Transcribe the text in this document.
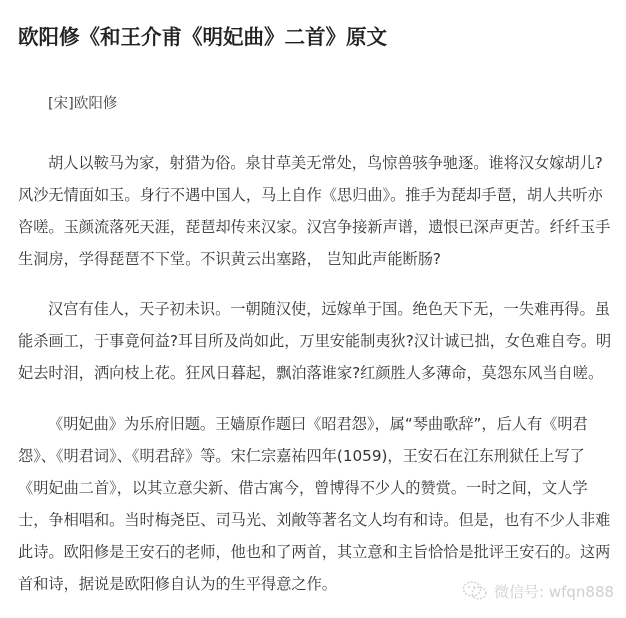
欧阳修《和王介甫《明妃曲》二首》原文
[宋]欧阳修
胡人以鞍马为家，射猎为俗。泉甘草美无常处，鸟惊兽骇争驰逐。谁将汉女嫁胡儿?
风沙无情面如玉。身行不遇中国人，马上自作《思归曲》。推手为琵却手琶，胡人共听亦
咨嗟。玉颜流落死天涯，琵琶却传来汉家。汉宫争接新声谱，遗恨已深声更苦。纤纤玉手
生洞房，学得琵琶不下堂。不识黄云出塞路， 岂知此声能断肠?
汉宫有佳人，天子初未识。一朝随汉使，远嫁单于国。绝色天下无，一失难再得。虽
能杀画工，于事竟何益?耳目所及尚如此，万里安能制夷狄?汉计诚已拙，女色难自夸。明
妃去时泪，洒向枝上花。狂风日暮起，飘泊落谁家?红颜胜人多薄命，莫怨东风当自嗟。
《明妃曲》为乐府旧题。王嫱原作题曰《昭君怨》，属“琴曲歌辞”，后人有《明君
怨》、《明君词》、《明君辞》等。宋仁宗嘉祐四年(1059)，王安石在江东刑狱任上写了
《明妃曲二首》，以其立意尖新、借古寓今，曾博得不少人的赞赏。一时之间，文人学
士，争相唱和。当时梅尧臣、司马光、刘敞等著名文人均有和诗。但是，也有不少人非难
此诗。欧阳修是王安石的老师，他也和了两首，其立意和主旨恰恰是批评王安石的。这两
首和诗，据说是欧阳修自认为的生平得意之作。	微信号: wfqn888
